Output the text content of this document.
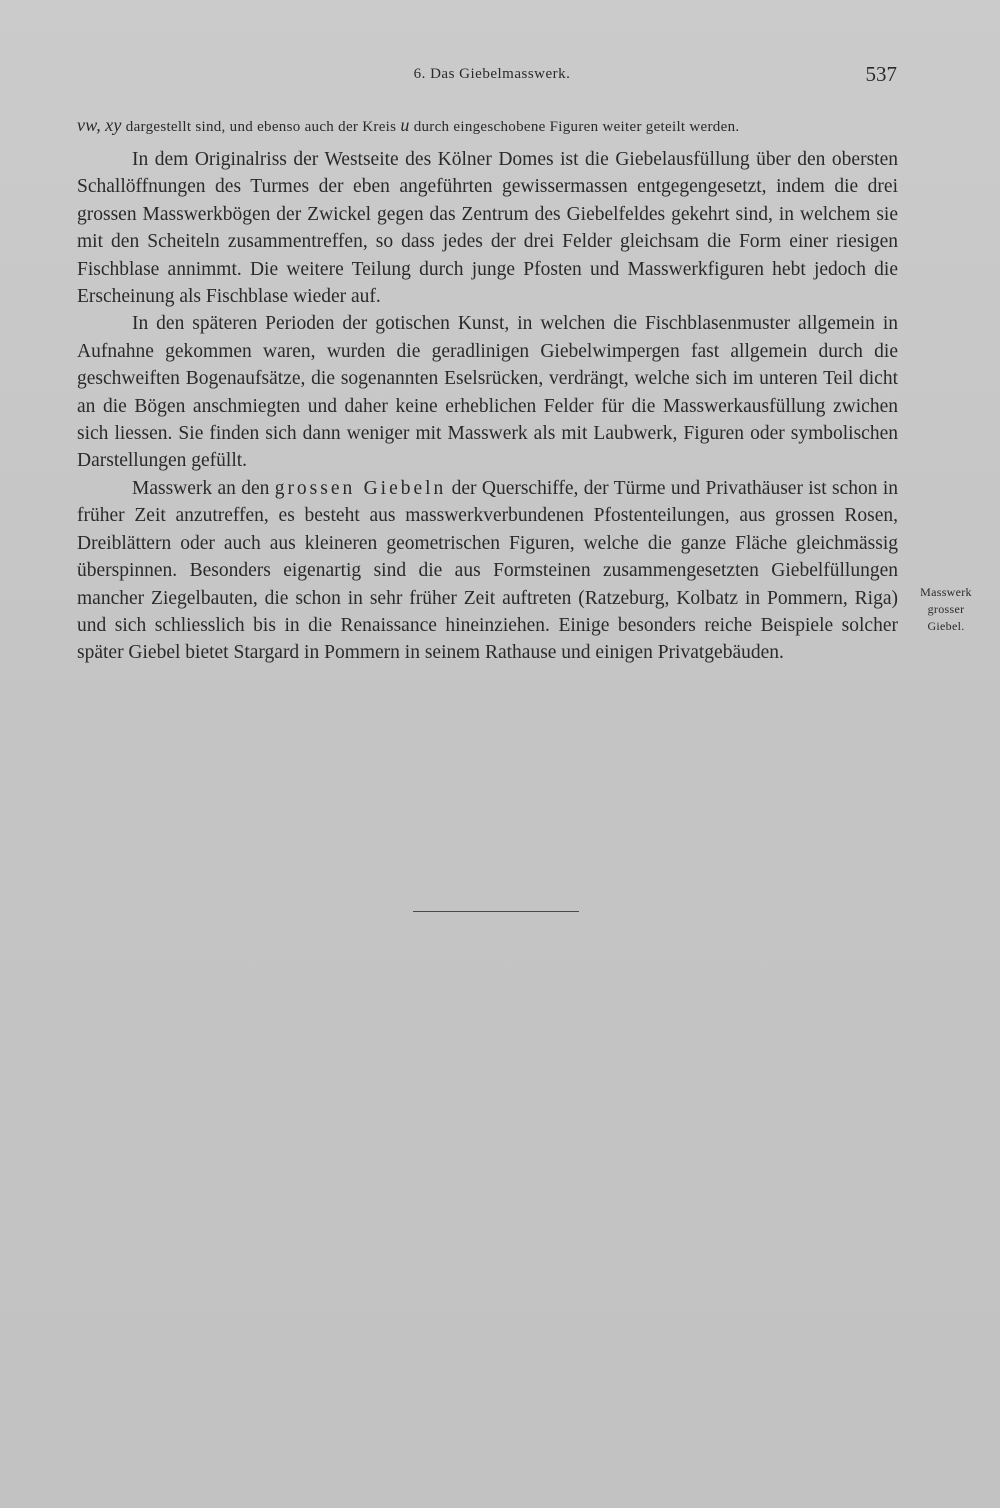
6. Das Giebelmasswerk.	537

vw, xy dargestellt sind, und ebenso auch der Kreis u durch eingeschobene Figuren weiter geteilt werden.

In dem Originalriss der Westseite des Kölner Domes ist die Giebelausfüllung über den obersten Schallöffnungen des Turmes der eben angeführten gewissermassen entgegengesetzt, indem die drei grossen Masswerkbögen der Zwickel gegen das Zentrum des Giebelfeldes gekehrt sind, in welchem sie mit den Scheiteln zusammentreffen, so dass jedes der drei Felder gleichsam die Form einer riesigen Fischblase annimmt. Die weitere Teilung durch junge Pfosten und Masswerkfiguren hebt jedoch die Erscheinung als Fischblase wieder auf.

In den späteren Perioden der gotischen Kunst, in welchen die Fischblasenmuster allgemein in Aufnahne gekommen waren, wurden die geradlinigen Giebelwimpergen fast allgemein durch die geschweiften Bogenaufsätze, die sogenannten Eselsrücken, verdrängt, welche sich im unteren Teil dicht an die Bögen anschmiegten und daher keine erheblichen Felder für die Masswerkausfüllung zwichen sich liessen. Sie finden sich dann weniger mit Masswerk als mit Laubwerk, Figuren oder symbolischen Darstellungen gefüllt.

Masswerk an den grossen Giebeln der Querschiffe, der Türme und Privathäuser ist schon in früher Zeit anzutreffen, es besteht aus masswerkverbundenen Pfostenteilungen, aus grossen Rosen, Dreiblättern oder auch aus kleineren geometrischen Figuren, welche die ganze Fläche gleichmässig überspinnen. Besonders eigenartig sind die aus Formsteinen zusammengesetzten Giebelfüllungen mancher Ziegelbauten, die schon in sehr früher Zeit auftreten (Ratzeburg, Kolbatz in Pommern, Riga) und sich schliesslich bis in die Renaissance hineinziehen. Einige besonders reiche Beispiele solcher später Giebel bietet Stargard in Pommern in seinem Rathause und einigen Privatgebäuden.

Masswerk
grosser
Giebel.
